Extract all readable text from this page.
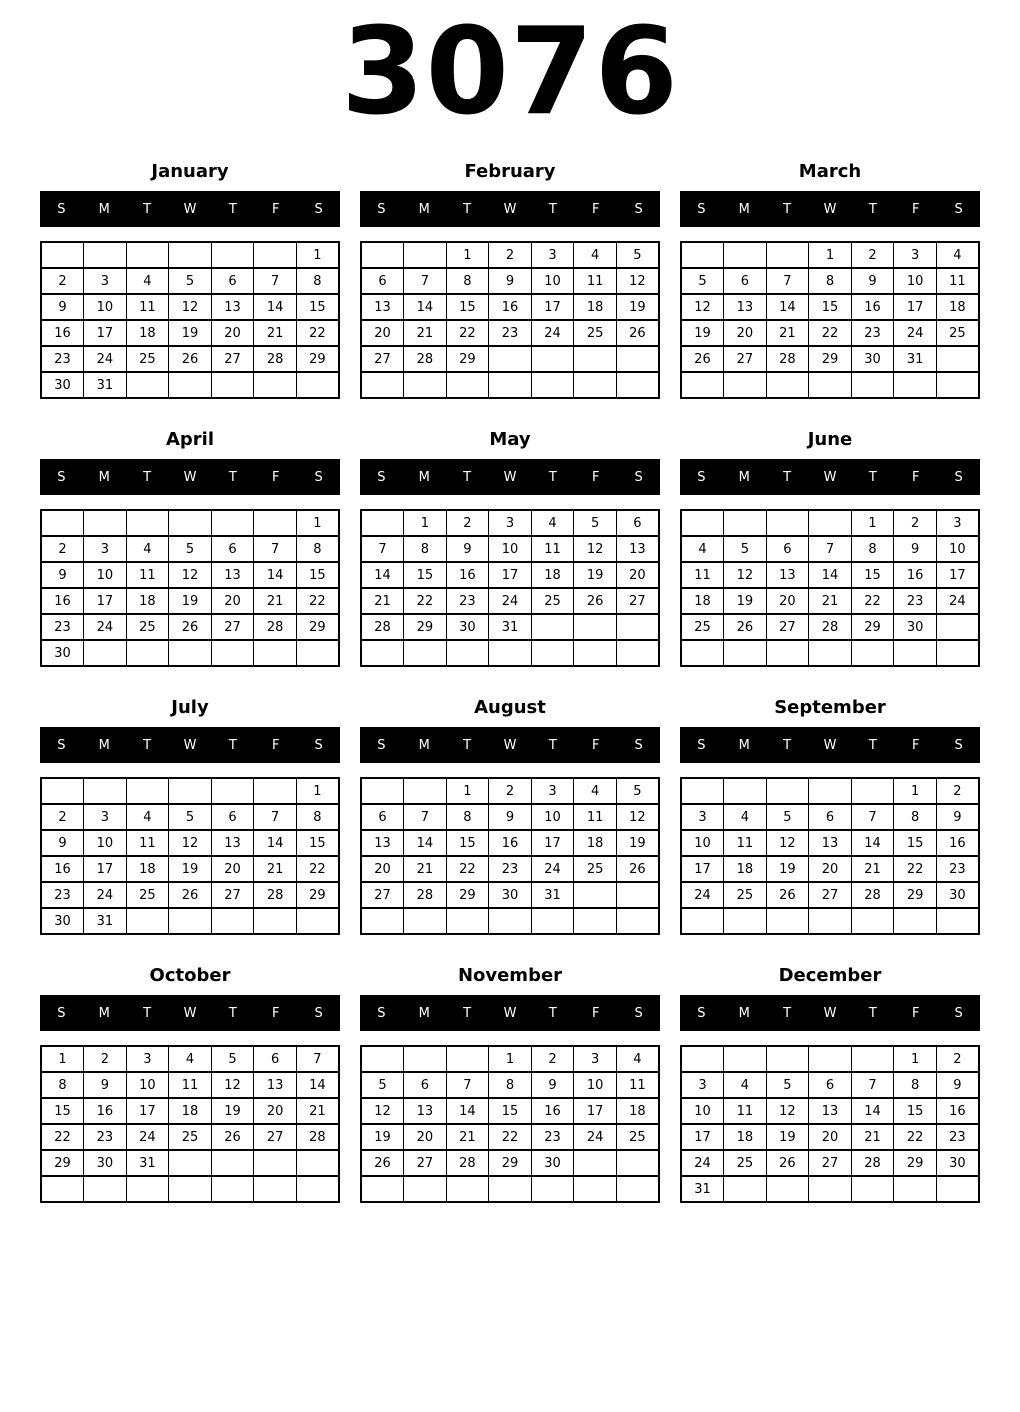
3076
January
S	M	T	W	T	F	S
						1
2	3	4	5	6	7	8
9	10	11	12	13	14	15
16	17	18	19	20	21	22
23	24	25	26	27	28	29
30	31					
February
S	M	T	W	T	F	S
		1	2	3	4	5
6	7	8	9	10	11	12
13	14	15	16	17	18	19
20	21	22	23	24	25	26
27	28	29				

March
S	M	T	W	T	F	S
			1	2	3	4
5	6	7	8	9	10	11
12	13	14	15	16	17	18
19	20	21	22	23	24	25
26	27	28	29	30	31	

April
S	M	T	W	T	F	S
						1
2	3	4	5	6	7	8
9	10	11	12	13	14	15
16	17	18	19	20	21	22
23	24	25	26	27	28	29
30						
May
S	M	T	W	T	F	S
	1	2	3	4	5	6
7	8	9	10	11	12	13
14	15	16	17	18	19	20
21	22	23	24	25	26	27
28	29	30	31			

June
S	M	T	W	T	F	S
				1	2	3
4	5	6	7	8	9	10
11	12	13	14	15	16	17
18	19	20	21	22	23	24
25	26	27	28	29	30	

July
S	M	T	W	T	F	S
						1
2	3	4	5	6	7	8
9	10	11	12	13	14	15
16	17	18	19	20	21	22
23	24	25	26	27	28	29
30	31					
August
S	M	T	W	T	F	S
		1	2	3	4	5
6	7	8	9	10	11	12
13	14	15	16	17	18	19
20	21	22	23	24	25	26
27	28	29	30	31		

September
S	M	T	W	T	F	S
					1	2
3	4	5	6	7	8	9
10	11	12	13	14	15	16
17	18	19	20	21	22	23
24	25	26	27	28	29	30

October
S	M	T	W	T	F	S
1	2	3	4	5	6	7
8	9	10	11	12	13	14
15	16	17	18	19	20	21
22	23	24	25	26	27	28
29	30	31				

November
S	M	T	W	T	F	S
			1	2	3	4
5	6	7	8	9	10	11
12	13	14	15	16	17	18
19	20	21	22	23	24	25
26	27	28	29	30		

December
S	M	T	W	T	F	S
					1	2
3	4	5	6	7	8	9
10	11	12	13	14	15	16
17	18	19	20	21	22	23
24	25	26	27	28	29	30
31						
